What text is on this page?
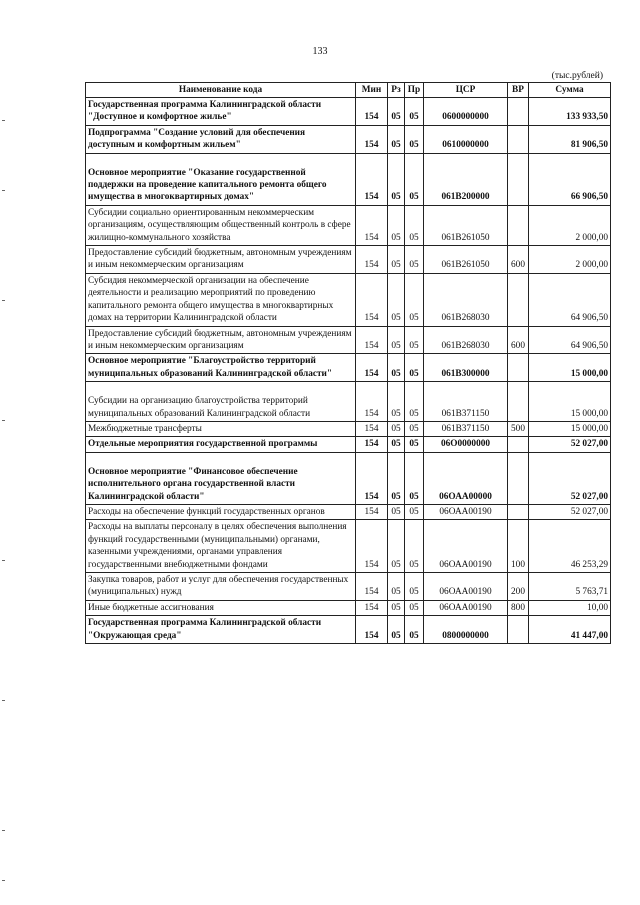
133
(тыс.рублей)
Наименование кода	Мин	Рз	Пр	ЦСР	ВР	Сумма
Государственная программа Калининградской области "Доступное и комфортное жилье"	154	05	05	0600000000		133 933,50
Подпрограмма "Создание условий для обеспечения доступным и комфортным жильем"	154	05	05	0610000000		81 906,50

Основное мероприятие "Оказание государственной поддержки на проведение капитального ремонта общего имущества в многоквартирных домах"	154	05	05	061В200000		66 906,50
Субсидии социально ориентированным некоммерческим организациям, осуществляющим общественный контроль в сфере жилищно-коммунального хозяйства	154	05	05	061В261050		2 000,00
Предоставление субсидий бюджетным, автономным учреждениям и иным некоммерческим организациям	154	05	05	061В261050	600	2 000,00
Субсидия некоммерческой организации на обеспечение деятельности и реализацию мероприятий по проведению капитального ремонта общего имущества в многоквартирных домах на территории Калининградской области	154	05	05	061В268030		64 906,50
Предоставление субсидий бюджетным, автономным учреждениям и иным некоммерческим организациям	154	05	05	061В268030	600	64 906,50
Основное мероприятие "Благоустройство территорий муниципальных образований Калининградской области"	154	05	05	061В300000		15 000,00

Субсидии на организацию благоустройства территорий муниципальных образований Калининградской области	154	05	05	061В371150		15 000,00
Межбюджетные трансферты	154	05	05	061В371150	500	15 000,00
Отдельные мероприятия государственной программы	154	05	05	06О0000000		52 027,00

Основное мероприятие "Финансовое обеспечение исполнительного органа государственной власти Калининградской области"	154	05	05	06ОАА00000		52 027,00
Расходы на обеспечение функций государственных органов	154	05	05	06ОАА00190		52 027,00
Расходы на выплаты персоналу в целях обеспечения выполнения функций государственными (муниципальными) органами, казенными учреждениями, органами управления государственными внебюджетными фондами	154	05	05	06ОАА00190	100	46 253,29
Закупка товаров, работ и услуг для обеспечения государственных (муниципальных) нужд	154	05	05	06ОАА00190	200	5 763,71
Иные бюджетные ассигнования	154	05	05	06ОАА00190	800	10,00
Государственная программа Калининградской области "Окружающая среда"	154	05	05	0800000000		41 447,00
